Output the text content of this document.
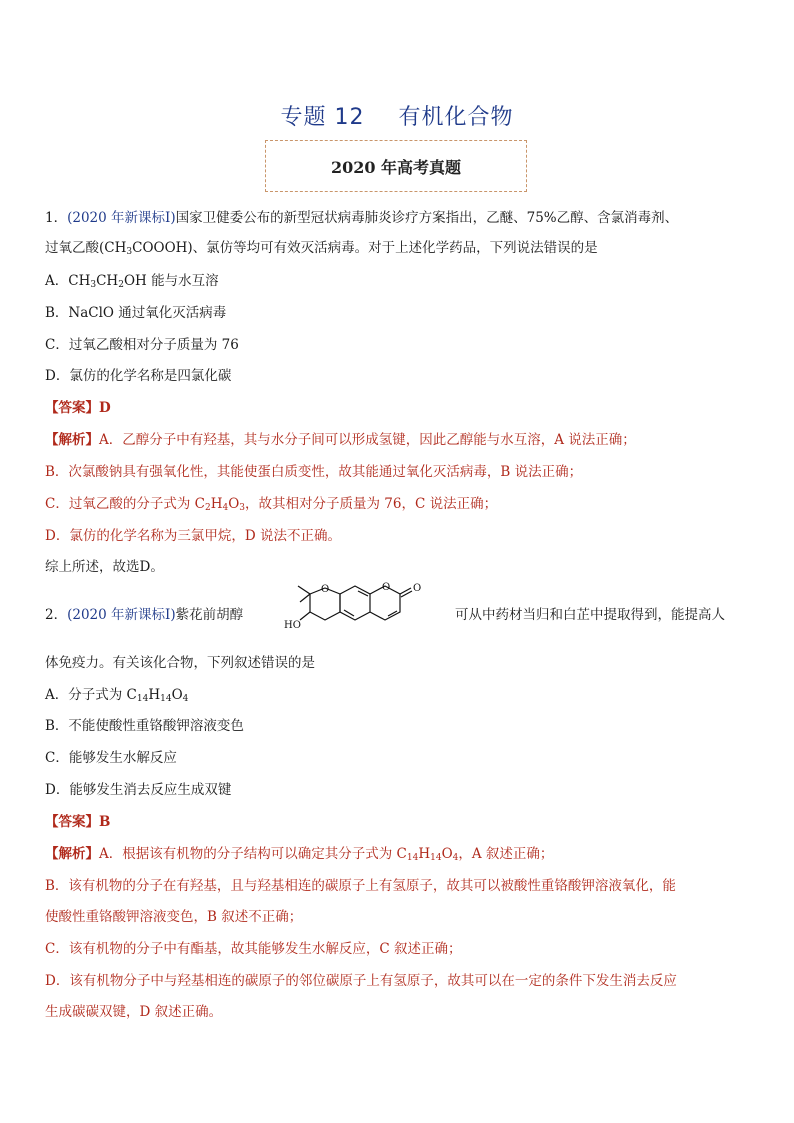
专题 12 有机化合物
2020 年高考真题
1．(2020 年新课标Ⅰ)国家卫健委公布的新型冠状病毒肺炎诊疗方案指出，乙醚、75%乙醇、含氯消毒剂、
过氧乙酸$(CH_3COOOH)$、氯仿等均可有效灭活病毒。对于上述化学药品，下列说法错误的是
A．$CH_3CH_2OH$ 能与水互溶
B．NaClO 通过氧化灭活病毒
C．过氧乙酸相对分子质量为 76
D．氯仿的化学名称是四氯化碳
【答案】D
【解析】A．乙醇分子中有羟基，其与水分子间可以形成氢键，因此乙醇能与水互溶，A 说法正确；
B．次氯酸钠具有强氧化性，其能使蛋白质变性，故其能通过氧化灭活病毒，B 说法正确；
C．过氧乙酸的分子式为 $C_2H_4O_3$，故其相对分子质量为 76，C 说法正确；
D．氯仿的化学名称为三氯甲烷，D 说法不正确。
综上所述，故选D。
2．(2020 年新课标Ⅰ)紫花前胡醇	可从中药材当归和白芷中提取得到，能提高人
O	O O
HO
体免疫力。有关该化合物，下列叙述错误的是
A．分子式为 $C_{14}H_{14}O_4$
B．不能使酸性重铬酸钾溶液变色
C．能够发生水解反应
D．能够发生消去反应生成双键
【答案】B
【解析】A．根据该有机物的分子结构可以确定其分子式为 $C_{14}H_{14}O_4$，A 叙述正确；
B．该有机物的分子在有羟基，且与羟基相连的碳原子上有氢原子，故其可以被酸性重铬酸钾溶液氧化，能
使酸性重铬酸钾溶液变色，B 叙述不正确；
C．该有机物的分子中有酯基，故其能够发生水解反应，C 叙述正确；
D．该有机物分子中与羟基相连的碳原子的邻位碳原子上有氢原子，故其可以在一定的条件下发生消去反应
生成碳碳双键，D 叙述正确。
